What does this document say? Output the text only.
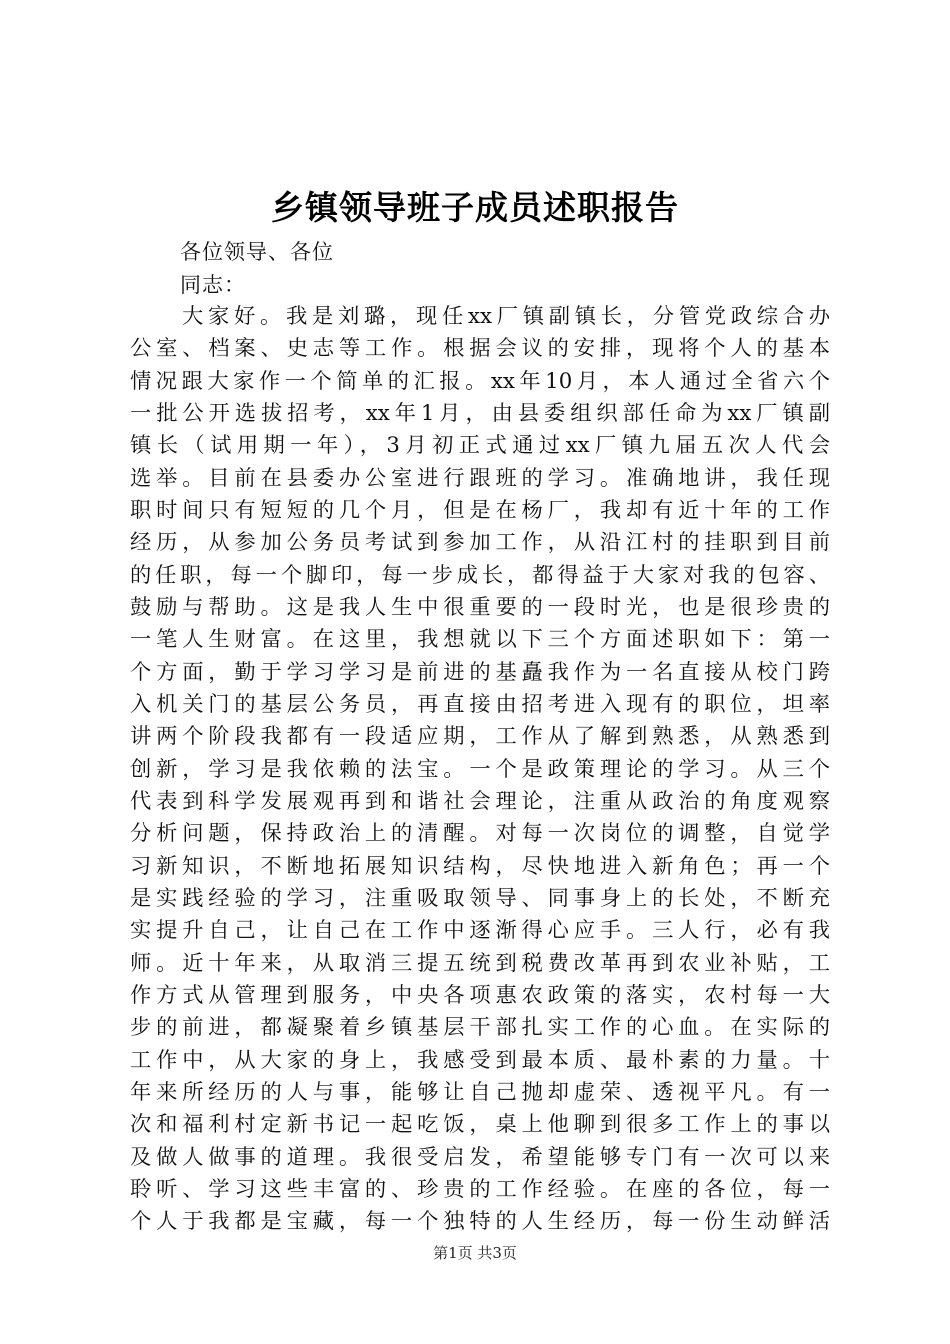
乡镇领导班子成员述职报告
各位领导、各位
同志：
　　大家好。我是刘璐，现任xx厂镇副镇长，分管党政综合办
公室、档案、史志等工作。根据会议的安排，现将个人的基本
情况跟大家作一个简单的汇报。xx年10月，本人通过全省六个
一批公开选拔招考，xx年1月，由县委组织部任命为xx厂镇副
镇长（试用期一年），3月初正式通过xx厂镇九届五次人代会
选举。目前在县委办公室进行跟班的学习。准确地讲，我任现
职时间只有短短的几个月，但是在杨厂，我却有近十年的工作
经历，从参加公务员考试到参加工作，从沿江村的挂职到目前
的任职，每一个脚印，每一步成长，都得益于大家对我的包容、
鼓励与帮助。这是我人生中很重要的一段时光，也是很珍贵的
一笔人生财富。在这里，我想就以下三个方面述职如下：第一
个方面，勤于学习学习是前进的基矗我作为一名直接从校门跨
入机关门的基层公务员，再直接由招考进入现有的职位，坦率
讲两个阶段我都有一段适应期，工作从了解到熟悉，从熟悉到
创新，学习是我依赖的法宝。一个是政策理论的学习。从三个
代表到科学发展观再到和谐社会理论，注重从政治的角度观察
分析问题，保持政治上的清醒。对每一次岗位的调整，自觉学
习新知识，不断地拓展知识结构，尽快地进入新角色；再一个
是实践经验的学习，注重吸取领导、同事身上的长处，不断充
实提升自己，让自己在工作中逐渐得心应手。三人行，必有我
师。近十年来，从取消三提五统到税费改革再到农业补贴，工
作方式从管理到服务，中央各项惠农政策的落实，农村每一大
步的前进，都凝聚着乡镇基层干部扎实工作的心血。在实际的
工作中，从大家的身上，我感受到最本质、最朴素的力量。十
年来所经历的人与事，能够让自己抛却虚荣、透视平凡。有一
次和福利村定新书记一起吃饭，桌上他聊到很多工作上的事以
及做人做事的道理。我很受启发，希望能够专门有一次可以来
聆听、学习这些丰富的、珍贵的工作经验。在座的各位，每一
个人于我都是宝藏，每一个独特的人生经历，每一份生动鲜活
第1页 共3页
